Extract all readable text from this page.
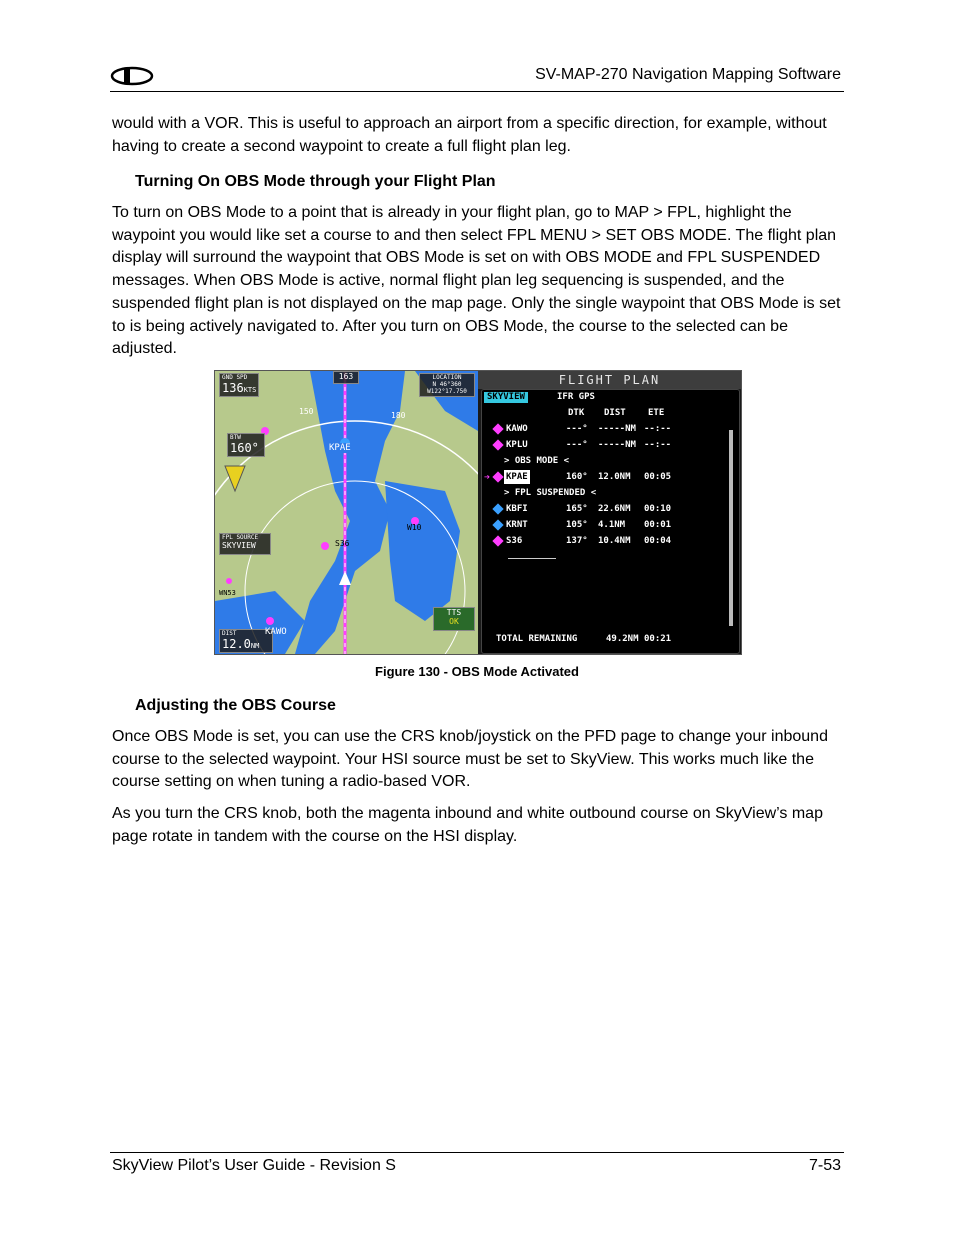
SV-MAP-270 Navigation Mapping Software

would with a VOR. This is useful to approach an airport from a specific direction, for example, without having to create a second waypoint to create a full flight plan leg.

Turning On OBS Mode through your Flight Plan

To turn on OBS Mode to a point that is already in your flight plan, go to MAP > FPL, highlight the waypoint you would like set a course to and then select FPL MENU > SET OBS MODE. The flight plan display will surround the waypoint that OBS Mode is set on with OBS MODE and FPL SUSPENDED messages. When OBS Mode is active, normal flight plan leg sequencing is suspended, and the suspended flight plan is not displayed on the map page. Only the single waypoint that OBS Mode is set to is being actively navigated to. After you turn on OBS Mode, the course to the selected can be adjusted.

GND SPD
136KTS
BTW
160°
163	LOCATION
N 46°360
W122°17.750
FPL SOURCE
SKYVIEW
DIST
12.0NM
TTS
OK
KPAE
KAWO
W10
S36
WN53
150	180
FLIGHT PLAN
SKYVIEW	IFR GPS
DTK DIST ETE
KAWO	---° -----NM --:--
KPLU	---° -----NM --:--
> OBS MODE <
➔ KPAE	160° 12.0NM 00:05
> FPL SUSPENDED <
KBFI	165° 22.6NM 00:10
KRNT	105° 4.1NM 00:01
S36	137° 10.4NM 00:04
TOTAL REMAINING	49.2NM 00:21
Figure 130 - OBS Mode Activated

Adjusting the OBS Course

Once OBS Mode is set, you can use the CRS knob/joystick on the PFD page to change your inbound course to the selected waypoint. Your HSI source must be set to SkyView. This works much like the course setting on when tuning a radio-based VOR.

As you turn the CRS knob, both the magenta inbound and white outbound course on SkyView’s map page rotate in tandem with the course on the HSI display.

SkyView Pilot’s User Guide - Revision S	7-53
